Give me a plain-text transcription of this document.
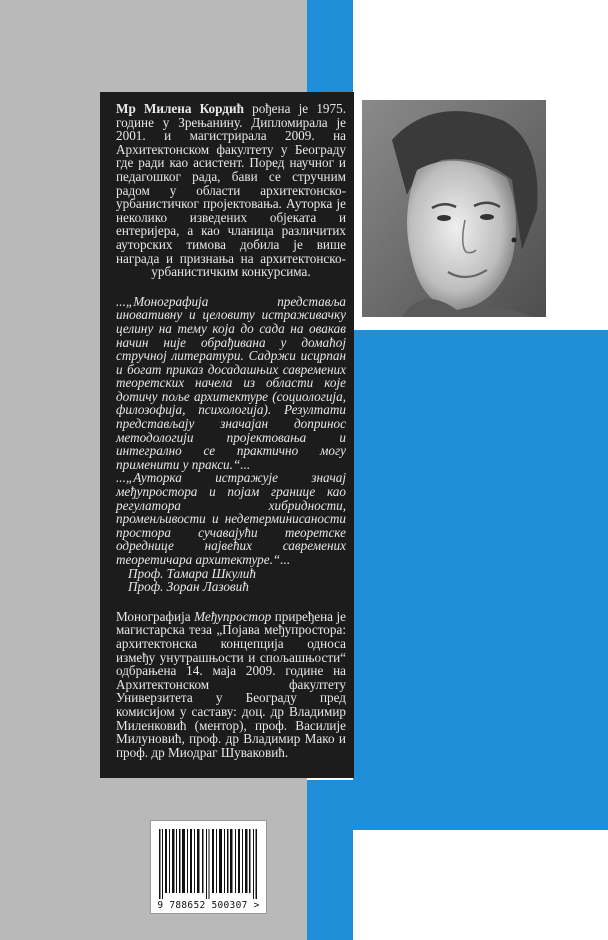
Мр Милена Кордић рођена је 1975. године у Зрењанину. Дипломирала је 2001. и магистрирала 2009. на Архитектонском факултету у Београду где ради као асистент. Поред научног и педагошког рада, бави се стручним радом у области архитектонско-урбанистичког пројектовања. Ауторка је неколико изведених објеката и ентеријера, а као чланица различитих ауторских тимова добила је више награда и признања на архитектонско-урбанистичким конкурсима.

...„Монографија представља иновативну и целовиту истраживачку целину на тему која до сада на овакав начин није обрађивана у домаћој стручној литератури. Садржи исцрпан и богат приказ досадашњих савремених теоретских начела из области које дотичу поље архитектуре (социологија, филозофија, психологија). Резултати представљају значајан допринос методологији пројектовања и интегрално се практично могу применити у пракси.“...

...„Ауторка истражује значај међупростора и појам границе као регулатора хибридности, променљивости и недетерминисаности простора сучавајући теоретске одреднице највећих савремених теоретичара архитектуре.“...

Проф. Тамара Шкулић

Проф. Зоран Лазовић

Монографија Међупростор приређена је магистарска теза „Појава међупростора: архитектонска концепција односа између унутрашњости и спољашњости“ одбрањена 14. маја 2009. године на Архитектонском факултету Универзитета у Београду пред комисијом у саставу: доц. др Владимир Миленковић (ментор), проф. Василије Милуновић, проф. др Владимир Мако и проф. др Миодраг Шуваковић.

9 788652 500307 >
